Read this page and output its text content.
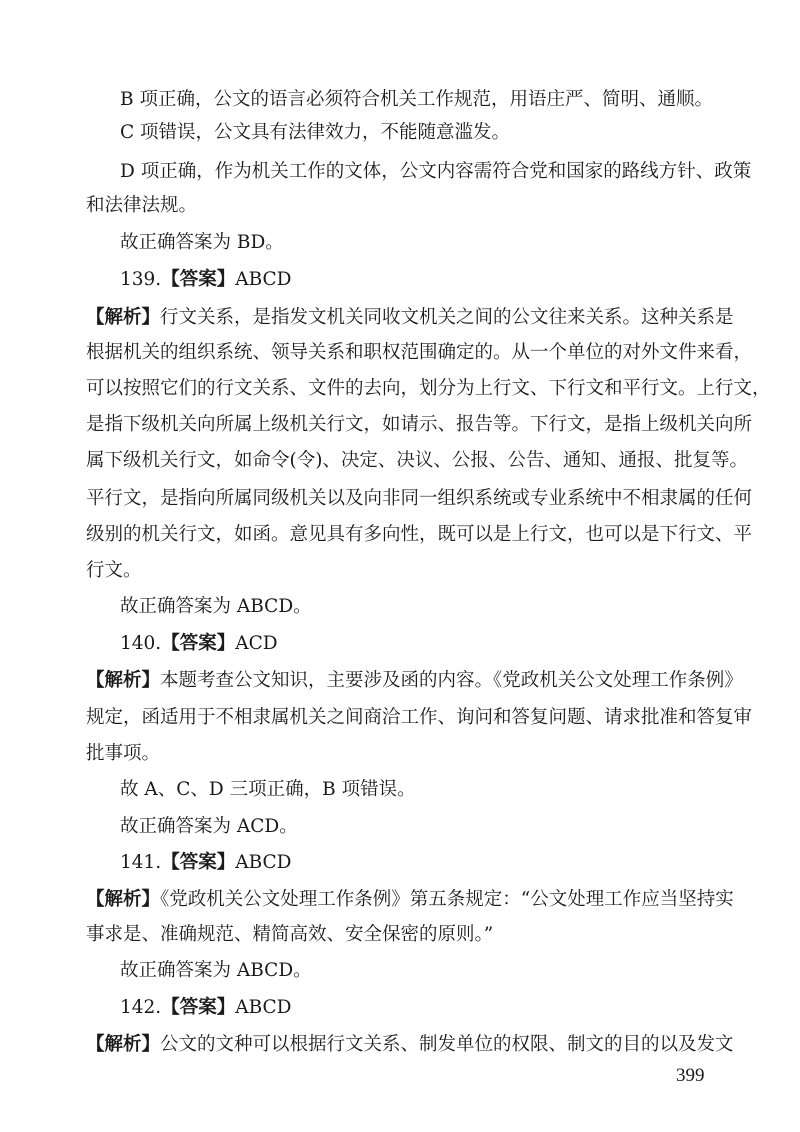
B 项正确，公文的语言必须符合机关工作规范，用语庄严、简明、通顺。
C 项错误，公文具有法律效力，不能随意滥发。
D 项正确，作为机关工作的文体，公文内容需符合党和国家的路线方针、政策
和法律法规。
故正确答案为 BD。
139.【答案】ABCD
【解析】行文关系，是指发文机关同收文机关之间的公文往来关系。这种关系是
根据机关的组织系统、领导关系和职权范围确定的。从一个单位的对外文件来看，
可以按照它们的行文关系、文件的去向，划分为上行文、下行文和平行文。上行文，
是指下级机关向所属上级机关行文，如请示、报告等。下行文，是指上级机关向所
属下级机关行文，如命令(令)、决定、决议、公报、公告、通知、通报、批复等。
平行文，是指向所属同级机关以及向非同一组织系统或专业系统中不相隶属的任何
级别的机关行文，如函。意见具有多向性，既可以是上行文，也可以是下行文、平
行文。
故正确答案为 ABCD。
140.【答案】ACD
【解析】本题考查公文知识，主要涉及函的内容。《党政机关公文处理工作条例》
规定，函适用于不相隶属机关之间商洽工作、询问和答复问题、请求批准和答复审
批事项。
故 A、C、D 三项正确，B 项错误。
故正确答案为 ACD。
141.【答案】ABCD
【解析】《党政机关公文处理工作条例》第五条规定：“公文处理工作应当坚持实
事求是、准确规范、精简高效、安全保密的原则。”
故正确答案为 ABCD。
142.【答案】ABCD
【解析】公文的文种可以根据行文关系、制发单位的权限、制文的目的以及发文
399
